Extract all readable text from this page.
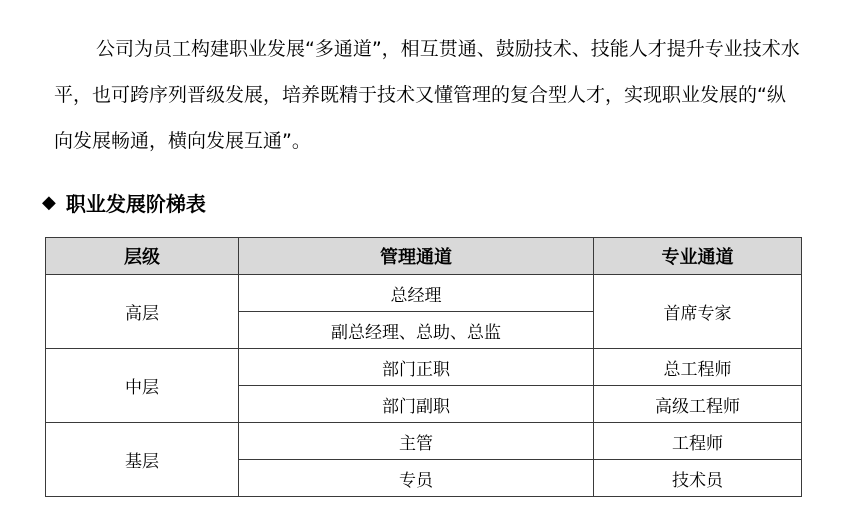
公司为员工构建职业发展“多通道”，相互贯通、鼓励技术、技能人才提升专业技术水平，也可跨序列晋级发展，培养既精于技术又懂管理的复合型人才，实现职业发展的“纵向发展畅通，横向发展互通”。

◆ 职业发展阶梯表
层级	管理通道	专业通道
高层	总经理	首席专家
	副总经理、总助、总监	
中层	部门正职	总工程师
	部门副职	高级工程师
基层	主管	工程师
	专员	技术员
